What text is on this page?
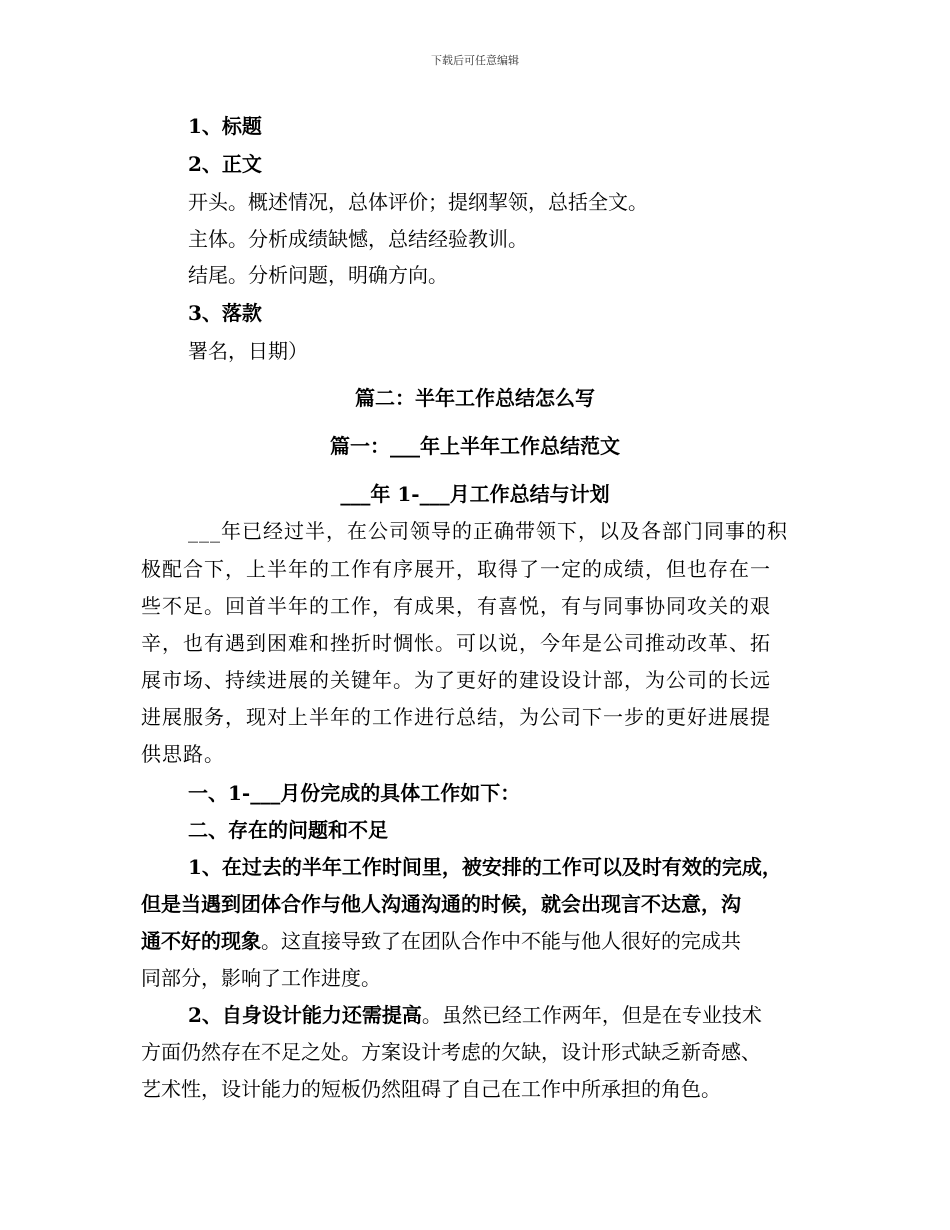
下载后可任意编辑
1、标题
2、正文
开头。概述情况，总体评价；提纲挈领，总括全文。
主体。分析成绩缺憾，总结经验教训。
结尾。分析问题，明确方向。
3、落款
署名，日期）
篇二：半年工作总结怎么写
篇一：___年上半年工作总结范文
___年 1-___月工作总结与计划
___年已经过半，在公司领导的正确带领下，以及各部门同事的积
极配合下，上半年的工作有序展开，取得了一定的成绩，但也存在一
些不足。回首半年的工作，有成果，有喜悦，有与同事协同攻关的艰
辛，也有遇到困难和挫折时惆怅。可以说，今年是公司推动改革、拓
展市场、持续进展的关键年。为了更好的建设设计部，为公司的长远
进展服务，现对上半年的工作进行总结，为公司下一步的更好进展提
供思路。
一、1-___月份完成的具体工作如下：
二、存在的问题和不足
1、在过去的半年工作时间里，被安排的工作可以及时有效的完成，
但是当遇到团体合作与他人沟通沟通的时候，就会出现言不达意，沟
通不好的现象。这直接导致了在团队合作中不能与他人很好的完成共
同部分，影响了工作进度。
2、自身设计能力还需提高。虽然已经工作两年，但是在专业技术
方面仍然存在不足之处。方案设计考虑的欠缺，设计形式缺乏新奇感、
艺术性，设计能力的短板仍然阻碍了自己在工作中所承担的角色。
